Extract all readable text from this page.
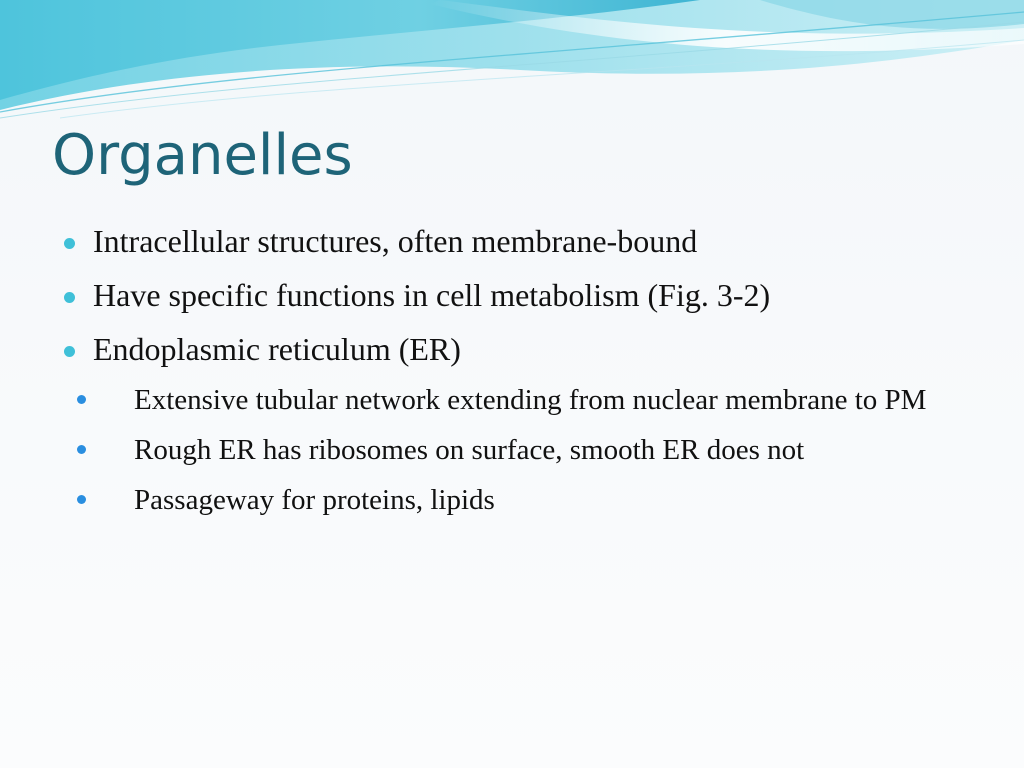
Organelles
Intracellular structures, often membrane-bound
Have specific functions in cell metabolism (Fig. 3-2)
Endoplasmic reticulum (ER)
Extensive tubular network extending from nuclear membrane to PM
Rough ER has ribosomes on surface, smooth ER does not
Passageway for proteins, lipids
